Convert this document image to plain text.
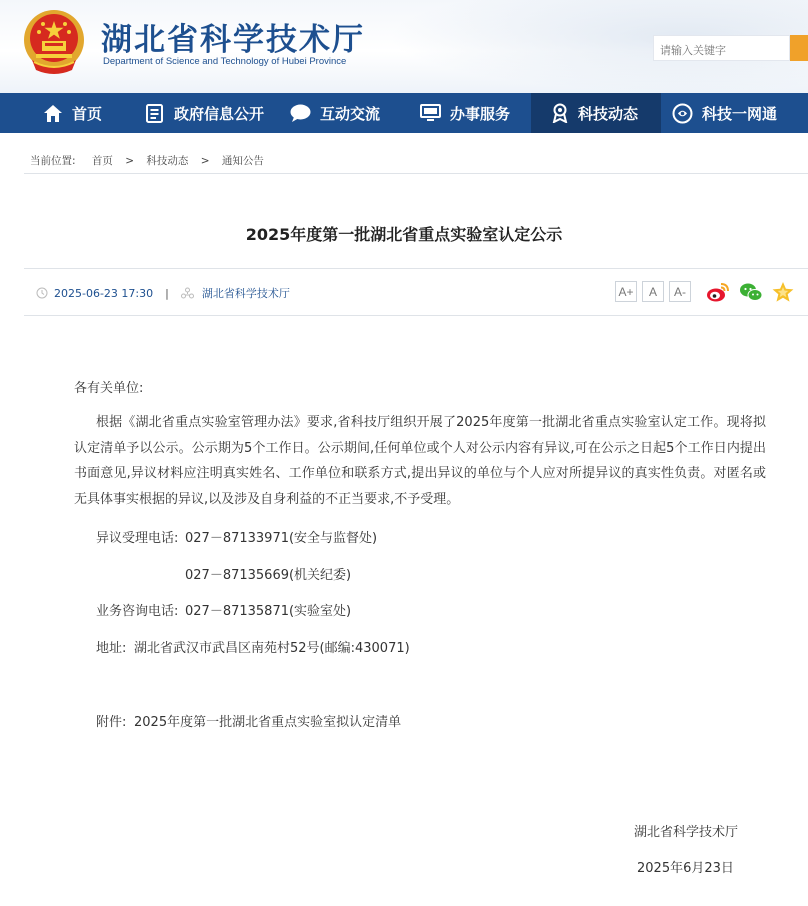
湖北省科学技术厅
Department of Science and Technology of Hubei Province
请输入关键字
首页	政府信息公开	互动交流	办事服务	科技动态	科技一网通
当前位置: 首页 > 科技动态 > 通知公告
2025年度第一批湖北省重点实验室认定公示
2025-06-23 17:30 |	湖北省科学技术厅	A+	A	A-
各有关单位:
根据《湖北省重点实验室管理办法》要求,省科技厅组织开展了2025年度第一批湖北省重点实验室认定工作。现将拟认定清单予以公示。公示期为5个工作日。公示期间,任何单位或个人对公示内容有异议,可在公示之日起5个工作日内提出书面意见,异议材料应注明真实姓名、工作单位和联系方式,提出异议的单位与个人应对所提异议的真实性负责。对匿名或无具体事实根据的异议,以及涉及自身利益的不正当要求,不予受理。
异议受理电话: 027－87133971(安全与监督处)
027－87135669(机关纪委)
业务咨询电话: 027－87135871(实验室处)
地址: 湖北省武汉市武昌区南苑村52号(邮编:430071)
附件: 2025年度第一批湖北省重点实验室拟认定清单
湖北省科学技术厅
2025年6月23日
